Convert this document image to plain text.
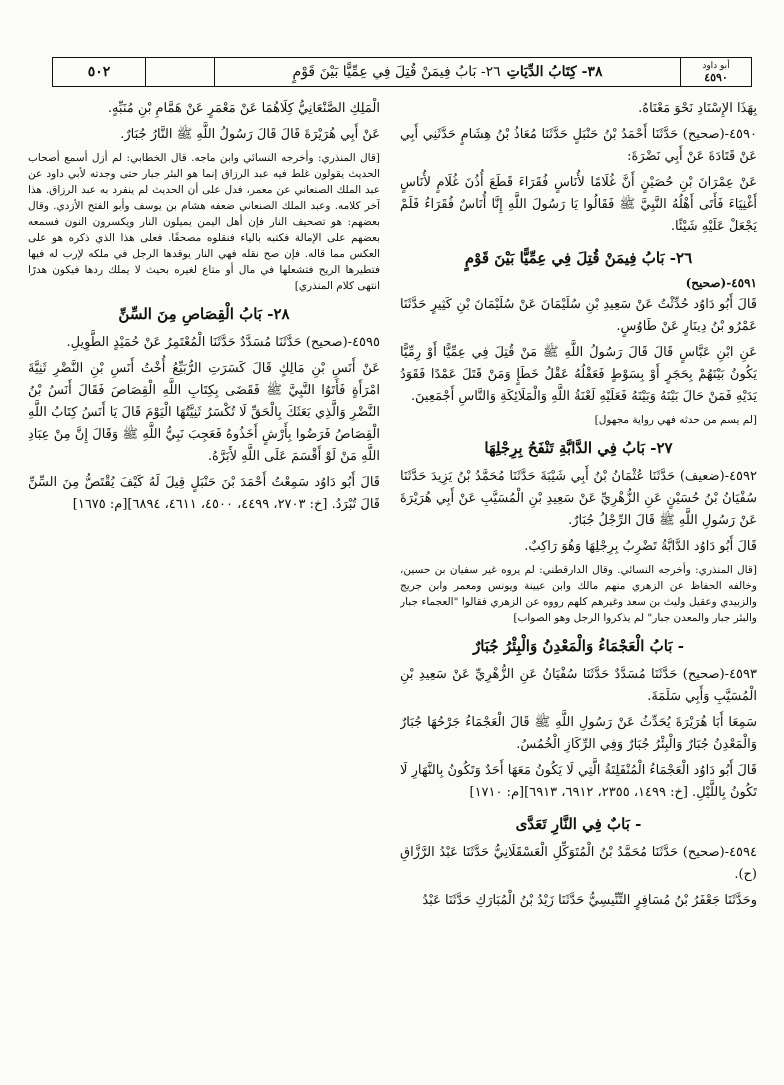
٥٠٢	٣٨- كِتَابُ الدِّيَاتِ
٢٦- بَابُ فِيمَنْ قُتِلَ فِي عِمِّيًّا بَيْنَ قَوْمٍ	أبو داود
٤٥٩٠

بِهَذَا الإِسْنَادِ نَحْوَ مَعْنَاهُ.

٤٥٩٠-(صحيح) حَدَّثَنَا أَحْمَدُ بْنُ حَنْبَلٍ حَدَّثَنَا مُعَاذُ بْنُ هِشَامٍ حَدَّثَنِي أَبِي عَنْ قَتَادَةَ عَنْ أَبِي نَضْرَةَ:

عَنْ عِمْرَانَ بْنِ حُصَيْنٍ أَنَّ غُلَامًا لأُنَاسٍ فُقَرَاءَ قَطَعَ أُذُنَ غُلَامٍ لأُنَاسٍ أَغْنِيَاءَ فَأَتَى أَهْلُهُ النَّبِيَّ ﷺ فَقَالُوا يَا رَسُولَ اللَّهِ إِنَّا أُنَاسٌ فُقَرَاءُ فَلَمْ يَجْعَلْ عَلَيْهِ شَيْئًا.

٢٦- بَابُ فِيمَنْ قُتِلَ فِي عِمِّيًّا بَيْنَ قَوْمٍ
٤٥٩١-(صحيح)

قَالَ أَبُو دَاوُد حُدِّثْتُ عَنْ سَعِيدِ بْنِ سُلَيْمَانَ عَنْ سُلَيْمَانَ بْنِ كَثِيرٍ حَدَّثَنَا عَمْرُو بْنُ دِينَارٍ عَنْ طَاوُسٍ.

عَنِ ابْنِ عَبَّاسٍ قَالَ قَالَ رَسُولُ اللَّهِ ﷺ مَنْ قُتِلَ فِي عِمِّيًّا أَوْ رِمِّيًّا يَكُونُ بَيْنَهُمْ بِحَجَرٍ أَوْ بِسَوْطٍ فَعَقْلُهُ عَقْلُ خَطَإٍ وَمَنْ قَتَلَ عَمْدًا فَقَوَدُ يَدَيْهِ فَمَنْ حَالَ بَيْنَهُ وَبَيْنَهُ فَعَلَيْهِ لَعْنَةُ اللَّهِ وَالْمَلَائِكَةِ وَالنَّاسِ أَجْمَعِينَ.

[لم يسم من حدثه فهي رواية مجهول]

٢٧- بَابُ فِي الدَّابَّةِ تَنْفَحُ بِرِجْلِهَا

٤٥٩٢-(ضعيف) حَدَّثَنَا عُثْمَانُ بْنُ أَبِي شَيْبَةَ حَدَّثَنَا مُحَمَّدُ بْنُ يَزِيدَ حَدَّثَنَا سُفْيَانُ بْنُ حُسَيْنٍ عَنِ الزُّهْرِيِّ عَنْ سَعِيدِ بْنِ الْمُسَيَّبِ عَنْ أَبِي هُرَيْرَةَ عَنْ رَسُولِ اللَّهِ ﷺ قَالَ الرِّجْلُ جُبَارٌ.

قَالَ أَبُو دَاوُد الدَّابَّةُ تَضْرِبُ بِرِجْلِهَا وَهُوَ رَاكِبٌ.

[قال المنذري: وأخرجه النسائي. وقال الدارقطني: لم يروه غير سفيان بن حسين، وخالفه الحفاظ عن الزهري منهم مالك وابن عيينة ويونس ومعمر وابن جريج والزبيدي وعقيل وليث بن سعد وغيرهم كلهم رووه عن الزهري فقالوا "العجماء جبار والبئر جبار والمعدن جبار" لم يذكروا الرجل وهو الصواب]

- بَابُ الْعَجْمَاءُ وَالْمَعْدِنُ وَالْبِئْرُ جُبَارٌ

٤٥٩٣-(صحيح) حَدَّثَنَا مُسَدَّدٌ حَدَّثَنَا سُفْيَانُ عَنِ الزُّهْرِيِّ عَنْ سَعِيدِ بْنِ الْمُسَيَّبِ وَأَبِي سَلَمَةَ.

سَمِعَا أَبَا هُرَيْرَةَ يُحَدِّثُ عَنْ رَسُولِ اللَّهِ ﷺ قَالَ الْعَجْمَاءُ جَرْحُهَا جُبَارٌ وَالْمَعْدِنُ جُبَارٌ وَالْبِئْرُ جُبَارٌ وَفِي الرِّكَازِ الْخُمُسُ.

قَالَ أَبُو دَاوُد الْعَجْمَاءُ الْمُنْفَلِتَةُ الَّتِي لَا يَكُونُ مَعَهَا أَحَدٌ وَتَكُونُ بِالنَّهَارِ لَا تَكُونُ بِاللَّيْلِ. [خ: ١٤٩٩، ٢٣٥٥، ٦٩١٢، ٦٩١٣][م: ١٧١٠]

- بَابٌ فِي النَّارِ تَعَدَّى

٤٥٩٤-(صحيح) حَدَّثَنَا مُحَمَّدُ بْنُ الْمُتَوَكِّلِ الْعَسْقَلَانِيُّ حَدَّثَنَا عَبْدُ الرَّزَّاقِ (ح).

وحَدَّثَنَا جَعْفَرُ بْنُ مُسَافِرٍ التِّنِّيسِيُّ حَدَّثَنَا زَيْدُ بْنُ الْمُبَارَكِ حَدَّثَنَا عَبْدُ

الْمَلِكِ الصَّنْعَانِيُّ كِلَاهُمَا عَنْ مَعْمَرٍ عَنْ هَمَّامِ بْنِ مُنَبِّهٍ.

عَنْ أَبِي هُرَيْرَةَ قَالَ قَالَ رَسُولُ اللَّهِ ﷺ النَّارُ جُبَارٌ.

[قال المنذري: وأخرجه النسائي وابن ماجه. قال الخطابي: لم أزل أسمع أصحاب الحديث يقولون غلط فيه عبد الرزاق إنما هو البئر جبار حتى وجدته لأبي داود عن عبد الملك الصنعاني عن معمر، فدل على أن الحديث لم ينفرد به عبد الرزاق. هذا آخر كلامه. وعبد الملك الصنعاني ضعفه هشام بن يوسف وأبو الفتح الأزدي. وقال بعضهم: هو تصحيف النار فإن أهل اليمن يميلون النار ويكسرون النون فسمعه بعضهم على الإمالة فكتبه بالياء فنقلوه مصحفًا. فعلى هذا الذي ذكره هو على العكس مما قاله. فإن صح نقله فهي النار يوقدها الرجل في ملكه لإرب له فيها فتطيرها الريح فتشعلها في مال أو متاع لغيره بحيث لا يملك ردها فيكون هدرًا انتهى كلام المنذري]

٢٨- بَابُ الْقِصَاصِ مِنَ السِّنِّ

٤٥٩٥-(صحيح) حَدَّثَنَا مُسَدَّدٌ حَدَّثَنَا الْمُعْتَمِرُ عَنْ حُمَيْدٍ الطَّوِيلِ.

عَنْ أَنَسِ بْنِ مَالِكٍ قَالَ كَسَرَتِ الرُّبَيِّعُ أُخْتُ أَنَسِ بْنِ النَّضْرِ ثَنِيَّةَ امْرَأَةٍ فَأَتَوُا النَّبِيَّ ﷺ فَقَضَى بِكِتَابِ اللَّهِ الْقِصَاصَ فَقَالَ أَنَسُ بْنُ النَّضْرِ وَالَّذِي بَعَثَكَ بِالْحَقِّ لَا تُكْسَرُ ثَنِيَّتُهَا الْيَوْمَ قَالَ يَا أَنَسُ كِتَابُ اللَّهِ الْقِصَاصُ فَرَضُوا بِأَرْشٍ أَخَذُوهُ فَعَجِبَ نَبِيُّ اللَّهِ ﷺ وَقَالَ إِنَّ مِنْ عِبَادِ اللَّهِ مَنْ لَوْ أَقْسَمَ عَلَى اللَّهِ لأَبَرَّهُ.

قَالَ أَبُو دَاوُد سَمِعْتُ أَحْمَدَ بْنَ حَنْبَلٍ قِيلَ لَهُ كَيْفَ يُقْتَصُّ مِنَ السِّنِّ قَالَ تُبْرَدُ. [خ: ٢٧٠٣، ٤٤٩٩، ٤٥٠٠، ٤٦١١، ٦٨٩٤][م: ١٦٧٥]
